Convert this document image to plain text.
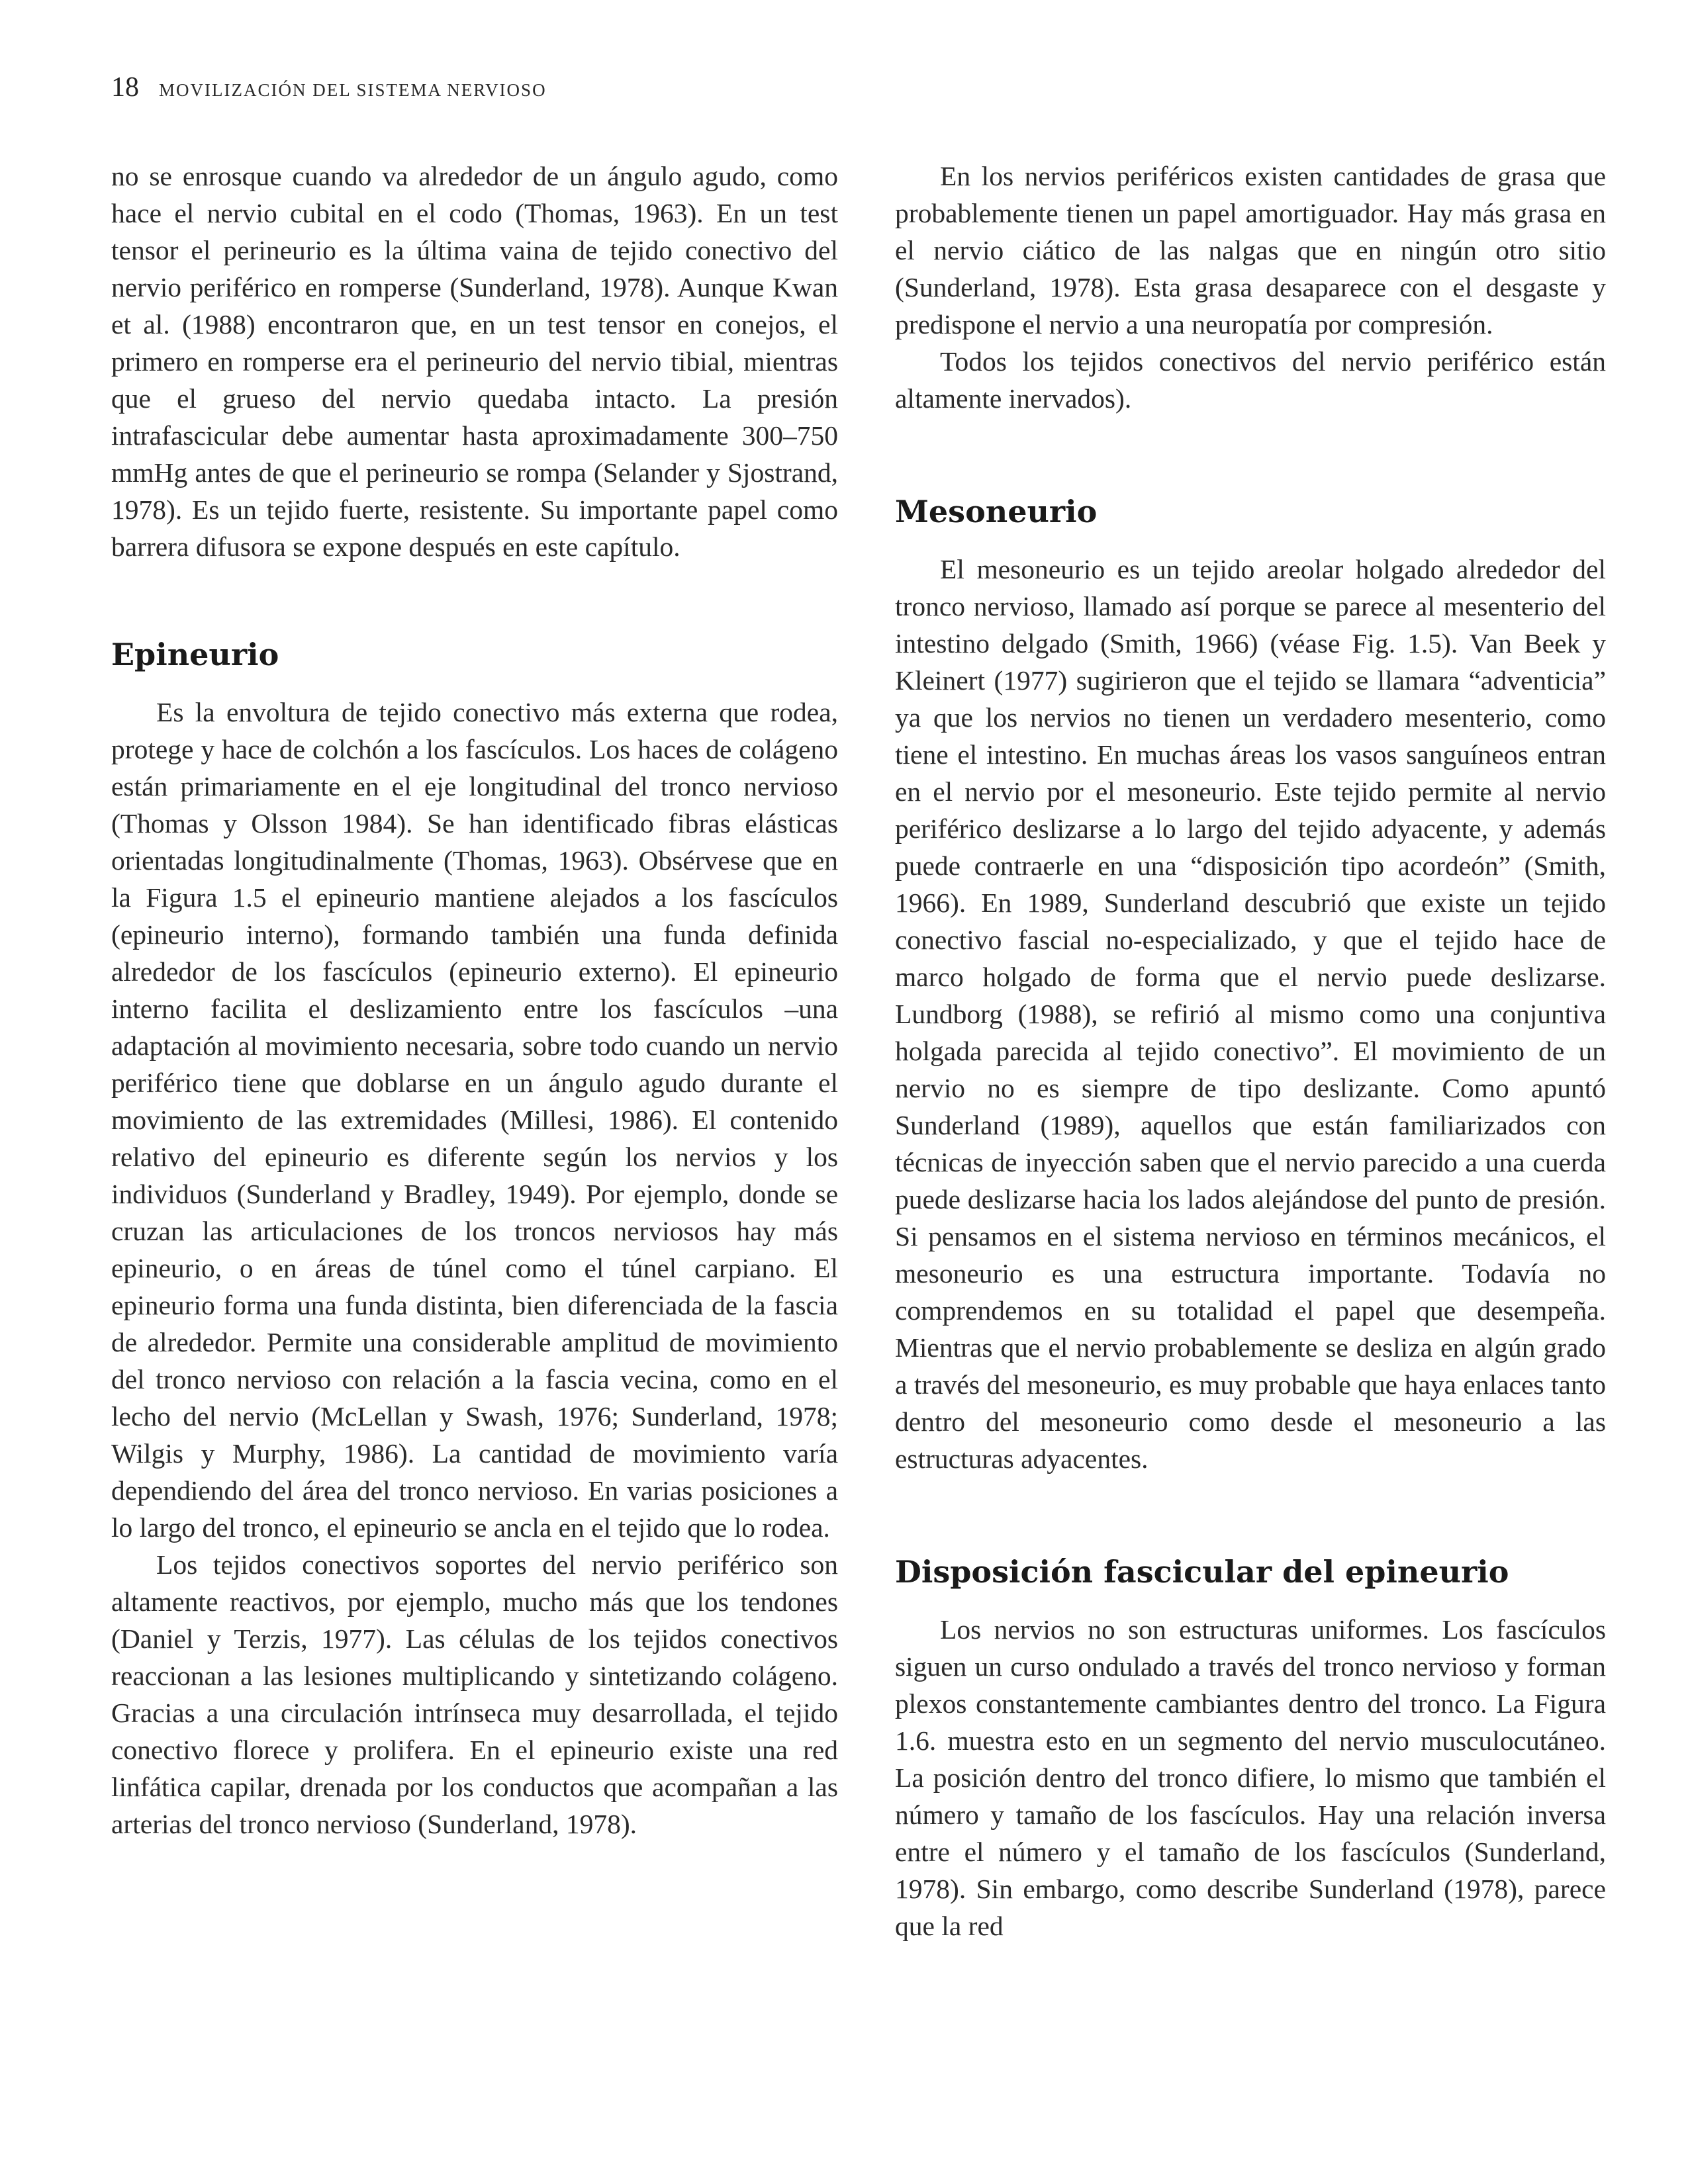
18 MOVILIZACIÓN DEL SISTEMA NERVIOSO

no se enrosque cuando va alrededor de un ángulo agudo, como hace el nervio cubital en el codo (Thomas, 1963). En un test tensor el perineurio es la última vaina de tejido conectivo del nervio periférico en romperse (Sunderland, 1978). Aunque Kwan et al. (1988) encontraron que, en un test tensor en conejos, el primero en romperse era el perineurio del nervio tibial, mientras que el grueso del nervio quedaba intacto. La presión intrafascicular debe aumentar hasta aproximadamente 300–750 mmHg antes de que el perineurio se rompa (Selander y Sjostrand, 1978). Es un tejido fuerte, resistente. Su importante papel como barrera difusora se expone después en este capítulo.

Epineurio

Es la envoltura de tejido conectivo más externa que rodea, protege y hace de colchón a los fascículos. Los haces de colágeno están primariamente en el eje longitudinal del tronco nervioso (Thomas y Olsson 1984). Se han identificado fibras elásticas orientadas longitudinalmente (Thomas, 1963). Obsérvese que en la Figura 1.5 el epineurio mantiene alejados a los fascículos (epineurio interno), formando también una funda definida alrededor de los fascículos (epineurio externo). El epineurio interno facilita el deslizamiento entre los fascículos –una adaptación al movimiento necesaria, sobre todo cuando un nervio periférico tiene que doblarse en un ángulo agudo durante el movimiento de las extremidades (Millesi, 1986). El contenido relativo del epineurio es diferente según los nervios y los individuos (Sunderland y Bradley, 1949). Por ejemplo, donde se cruzan las articulaciones de los troncos nerviosos hay más epineurio, o en áreas de túnel como el túnel carpiano. El epineurio forma una funda distinta, bien diferenciada de la fascia de alrededor. Permite una considerable amplitud de movimiento del tronco nervioso con relación a la fascia vecina, como en el lecho del nervio (McLellan y Swash, 1976; Sunderland, 1978; Wilgis y Murphy, 1986). La cantidad de movimiento varía dependiendo del área del tronco nervioso. En varias posiciones a lo largo del tronco, el epineurio se ancla en el tejido que lo rodea.

Los tejidos conectivos soportes del nervio periférico son altamente reactivos, por ejemplo, mucho más que los tendones (Daniel y Terzis, 1977). Las células de los tejidos conectivos reaccionan a las lesiones multiplicando y sintetizando colágeno. Gracias a una circulación intrínseca muy desarrollada, el tejido conectivo florece y prolifera. En el epineurio existe una red linfática capilar, drenada por los conductos que acompañan a las arterias del tronco nervioso (Sunderland, 1978).

En los nervios periféricos existen cantidades de grasa que probablemente tienen un papel amortiguador. Hay más grasa en el nervio ciático de las nalgas que en ningún otro sitio (Sunderland, 1978). Esta grasa desaparece con el desgaste y predispone el nervio a una neuropatía por compresión.

Todos los tejidos conectivos del nervio periférico están altamente inervados).

Mesoneurio

El mesoneurio es un tejido areolar holgado alrededor del tronco nervioso, llamado así porque se parece al mesenterio del intestino delgado (Smith, 1966) (véase Fig. 1.5). Van Beek y Kleinert (1977) sugirieron que el tejido se llamara “adventicia” ya que los nervios no tienen un verdadero mesenterio, como tiene el intestino. En muchas áreas los vasos sanguíneos entran en el nervio por el mesoneurio. Este tejido permite al nervio periférico deslizarse a lo largo del tejido adyacente, y además puede contraerle en una “disposición tipo acordeón” (Smith, 1966). En 1989, Sunderland descubrió que existe un tejido conectivo fascial no-especializado, y que el tejido hace de marco holgado de forma que el nervio puede deslizarse. Lundborg (1988), se refirió al mismo como una conjuntiva holgada parecida al tejido conectivo”. El movimiento de un nervio no es siempre de tipo deslizante. Como apuntó Sunderland (1989), aquellos que están familiarizados con técnicas de inyección saben que el nervio parecido a una cuerda puede deslizarse hacia los lados alejándose del punto de presión. Si pensamos en el sistema nervioso en términos mecánicos, el mesoneurio es una estructura importante. Todavía no comprendemos en su totalidad el papel que desempeña. Mientras que el nervio probablemente se desliza en algún grado a través del mesoneurio, es muy probable que haya enlaces tanto dentro del mesoneurio como desde el mesoneurio a las estructuras adyacentes.

Disposición fascicular del epineurio

Los nervios no son estructuras uniformes. Los fascículos siguen un curso ondulado a través del tronco nervioso y forman plexos constantemente cambiantes dentro del tronco. La Figura 1.6. muestra esto en un segmento del nervio musculocutáneo. La posición dentro del tronco difiere, lo mismo que también el número y tamaño de los fascículos. Hay una relación inversa entre el número y el tamaño de los fascículos (Sunderland, 1978). Sin embargo, como describe Sunderland (1978), parece que la red
